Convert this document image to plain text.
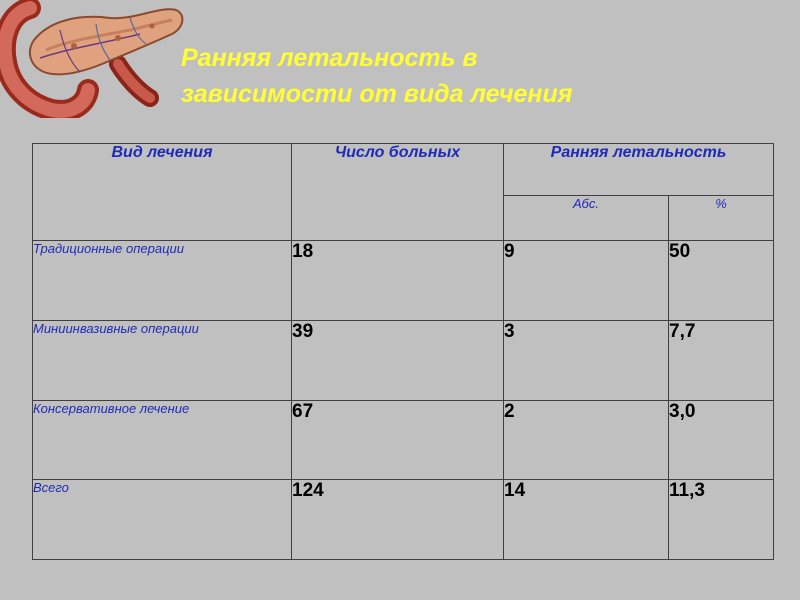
Ранняя летальность в
зависимости от вида лечения
Вид лечения	Число больных	Ранняя летальность	
		Абс.	%
Традиционные операции	18	9	50
Миниинвазивные операции	39	3	7,7
Консервативное лечение	67	2	3,0
Всего	124	14	11,3
